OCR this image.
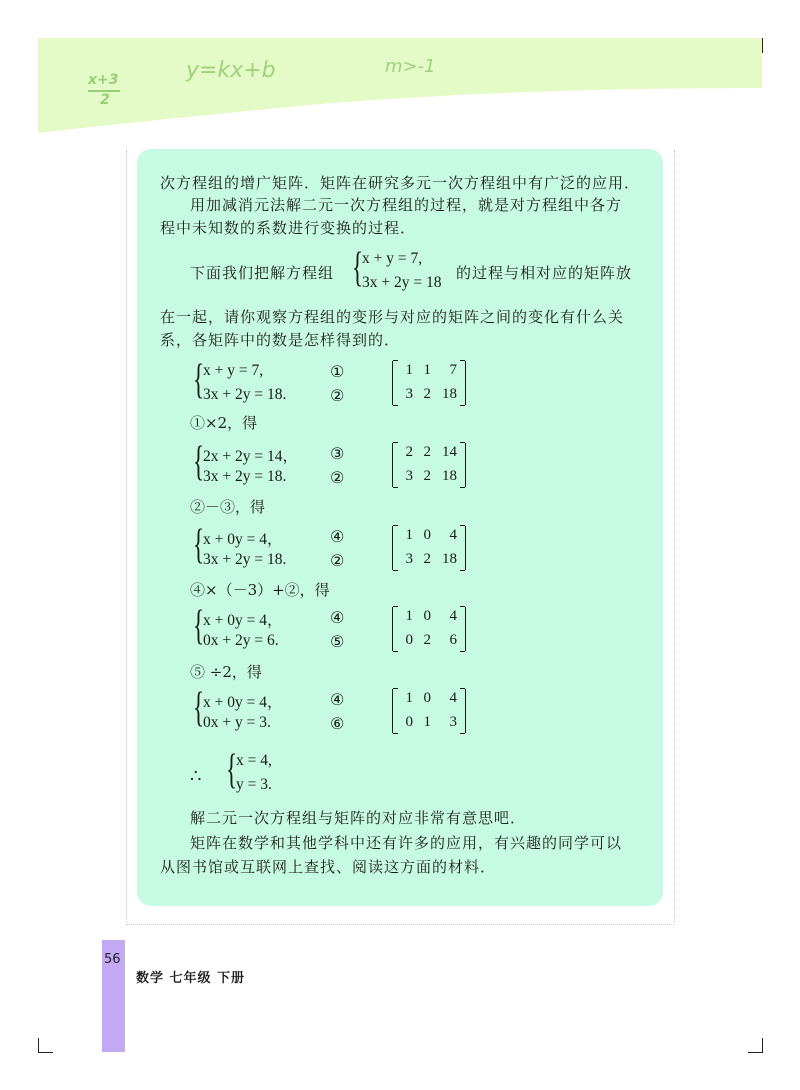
x+3
2
y=kx+b	m>-1
次方程组的增广矩阵．矩阵在研究多元一次方程组中有广泛的应用．
用加减消元法解二元一次方程组的过程，就是对方程组中各方
程中未知数的系数进行变换的过程．
下面我们把解方程组 {
x + y = 7,
3x + 2y = 18
的过程与相对应的矩阵放
在一起，请你观察方程组的变形与对应的矩阵之间的变化有什么关
系，各矩阵中的数是怎样得到的．
{
x + y = 7,
3x + 2y = 18.
①
②
1 1	7
3 2 18
①×2，得
{
2x + 2y = 14，
3x + 2y = 18.
③
②
2 2 14
3 2 18
②－③，得
{
x + 0y = 4，
3x + 2y = 18.
④
②
1 0	4
3 2 18
④×（－3）+②，得
{
x + 0y = 4，
0x + 2y = 6.
④
⑤
1 0	4
0 2	6
⑤ ÷2，得
{
x + 0y = 4，
0x + y = 3.
④
⑥
1 0	4
0 1	3
∴ {
x = 4,
y = 3.
解二元一次方程组与矩阵的对应非常有意思吧．
矩阵在数学和其他学科中还有许多的应用，有兴趣的同学可以
从图书馆或互联网上查找、阅读这方面的材料．
56
数学 七年级 下册
